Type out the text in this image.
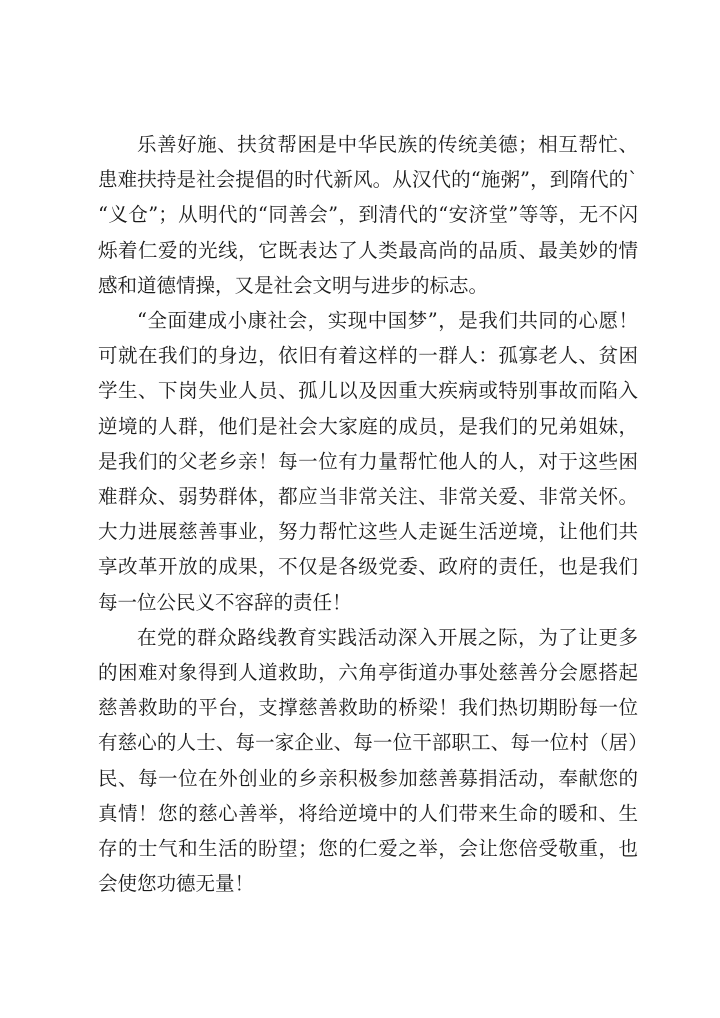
乐善好施、扶贫帮困是中华民族的传统美德；相互帮忙、患难扶持是社会提倡的时代新风。从汉代的“施粥”，到隋代的`“义仓”；从明代的“同善会”，到清代的“安济堂”等等，无不闪烁着仁爱的光线，它既表达了人类最高尚的品质、最美妙的情感和道德情操，又是社会文明与进步的标志。

“全面建成小康社会，实现中国梦”，是我们共同的心愿！可就在我们的身边，依旧有着这样的一群人：孤寡老人、贫困学生、下岗失业人员、孤儿以及因重大疾病或特别事故而陷入逆境的人群，他们是社会大家庭的成员，是我们的兄弟姐妹，是我们的父老乡亲！每一位有力量帮忙他人的人，对于这些困难群众、弱势群体，都应当非常关注、非常关爱、非常关怀。大力进展慈善事业，努力帮忙这些人走诞生活逆境，让他们共享改革开放的成果，不仅是各级党委、政府的责任，也是我们每一位公民义不容辞的责任！

在党的群众路线教育实践活动深入开展之际，为了让更多的困难对象得到人道救助，六角亭街道办事处慈善分会愿搭起慈善救助的平台，支撑慈善救助的桥梁！我们热切期盼每一位有慈心的人士、每一家企业、每一位干部职工、每一位村（居）民、每一位在外创业的乡亲积极参加慈善募捐活动，奉献您的真情！您的慈心善举，将给逆境中的人们带来生命的暖和、生存的士气和生活的盼望；您的仁爱之举，会让您倍受敬重，也会使您功德无量！
